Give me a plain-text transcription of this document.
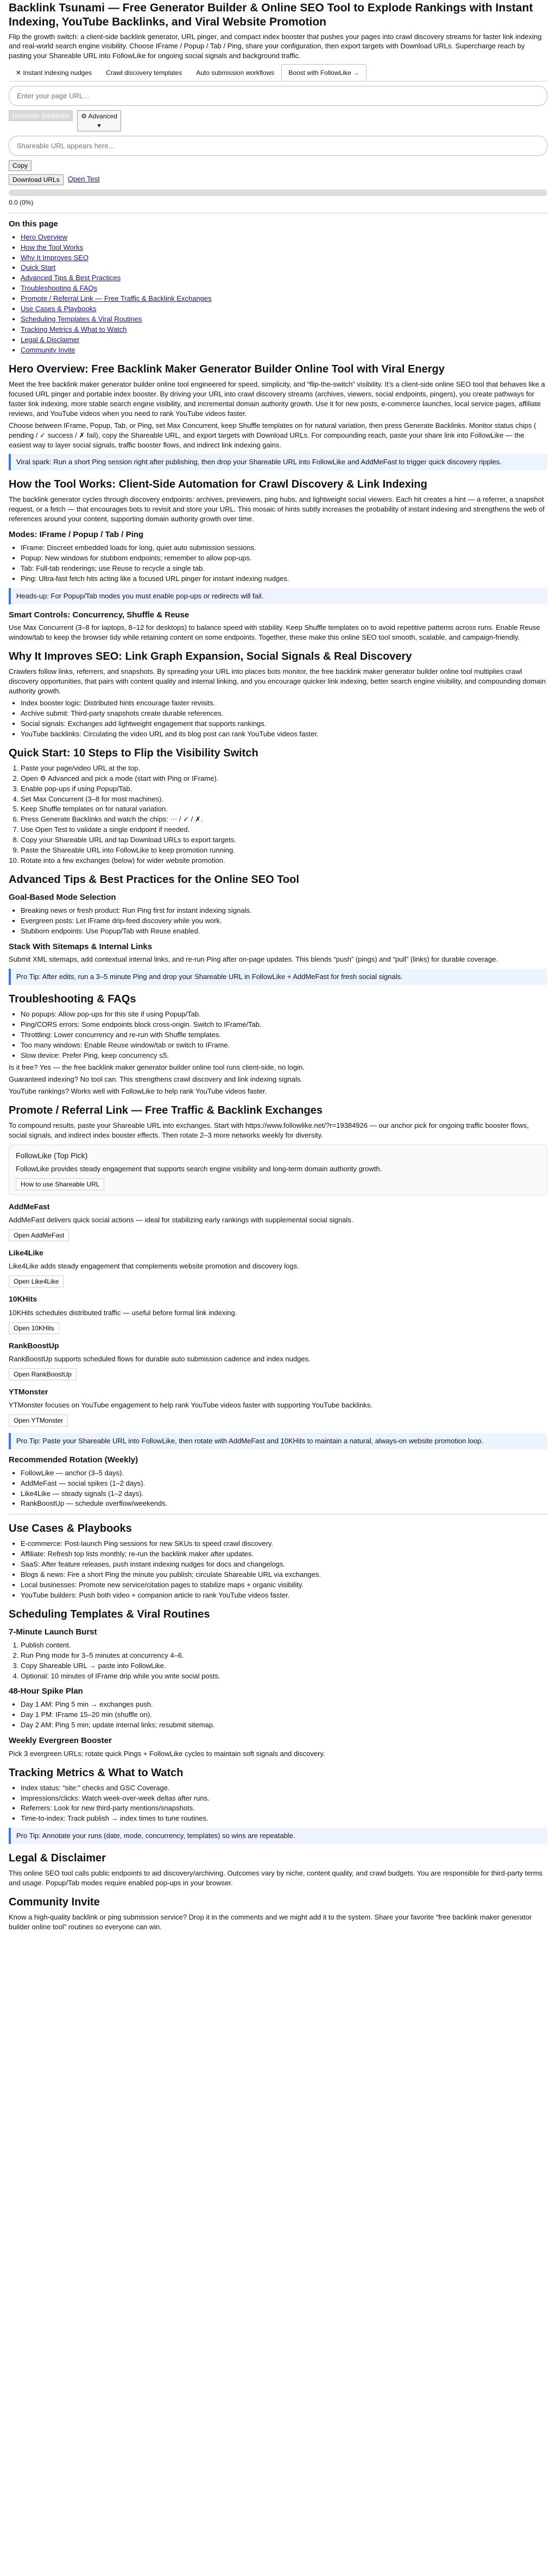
Backlink Tsunami — Free Generator Builder & Online SEO Tool to Explode Rankings with Instant Indexing, YouTube Backlinks, and Viral Website Promotion

Flip the growth switch: a client-side backlink generator, URL pinger, and compact index booster that pushes your pages into crawl discovery streams for faster link indexing and real-world search engine visibility. Choose IFrame / Popup / Tab / Ping, share your configuration, then export targets with Download URLs. Supercharge reach by pasting your Shareable URL into FollowLike for ongoing social signals and background traffic.

✕ Instant indexing nudges	Crawl discovery templates	Auto submission workflows	Boost with FollowLike →
Enter your page URL...
Generate Backlinks	⚙ Advanced
▾
Shareable URL appears here...
Copy
Download URLs	Open Test
0.0 (0%)
On this page
• Hero Overview
• How the Tool Works
• Why It Improves SEO
• Quick Start
• Advanced Tips & Best Practices
• Troubleshooting & FAQs
• Promote / Referral Link — Free Traffic & Backlink Exchanges
• Use Cases & Playbooks
• Scheduling Templates & Viral Routines
• Tracking Metrics & What to Watch
• Legal & Disclaimer
• Community Invite
Hero Overview: Free Backlink Maker Generator Builder Online Tool with Viral Energy

Meet the free backlink maker generator builder online tool engineered for speed, simplicity, and “flip-the-switch” visibility. It’s a client-side online SEO tool that behaves like a focused URL pinger and portable index booster. By driving your URL into crawl discovery streams (archives, viewers, social endpoints, pingers), you create pathways for faster link indexing, more stable search engine visibility, and incremental domain authority growth. Use it for new posts, e-commerce launches, local service pages, affiliate reviews, and YouTube videos when you need to rank YouTube videos faster.

Choose between IFrame, Popup, Tab, or Ping, set Max Concurrent, keep Shuffle templates on for natural variation, then press Generate Backlinks. Monitor status chips ( pending / ✓ success / ✗ fail), copy the Shareable URL, and export targets with Download URLs. For compounding reach, paste your share link into FollowLike — the easiest way to layer social signals, traffic booster flows, and indirect link indexing gains.

Viral spark: Run a short Ping session right after publishing, then drop your Shareable URL into FollowLike and AddMeFast to trigger quick discovery ripples.
How the Tool Works: Client-Side Automation for Crawl Discovery & Link Indexing

The backlink generator cycles through discovery endpoints: archives, previewers, ping hubs, and lightweight social viewers. Each hit creates a hint — a referrer, a snapshot request, or a fetch — that encourages bots to revisit and store your URL. This mosaic of hints subtly increases the probability of instant indexing and strengthens the web of references around your content, supporting domain authority growth over time.

Modes: IFrame / Popup / Tab / Ping
• IFrame: Discreet embedded loads for long, quiet auto submission sessions.
• Popup: New windows for stubborn endpoints; remember to allow pop-ups.
• Tab: Full-tab renderings; use Reuse to recycle a single tab.
• Ping: Ultra-fast fetch hits acting like a focused URL pinger for instant indexing nudges.
Heads-up: For Popup/Tab modes you must enable pop-ups or redirects will fail.
Smart Controls: Concurrency, Shuffle & Reuse

Use Max Concurrent (3–8 for laptops, 8–12 for desktops) to balance speed with stability. Keep Shuffle templates on to avoid repetitive patterns across runs. Enable Reuse window/tab to keep the browser tidy while retaining content on some endpoints. Together, these make this online SEO tool smooth, scalable, and campaign-friendly.

Why It Improves SEO: Link Graph Expansion, Social Signals & Real Discovery

Crawlers follow links, referrers, and snapshots. By spreading your URL into places bots monitor, the free backlink maker generator builder online tool multiplies crawl discovery opportunities, that pairs with content quality and internal linking, and you encourage quicker link indexing, better search engine visibility, and compounding domain authority growth.

• Index booster logic: Distributed hints encourage faster revisits.
• Archive submit: Third-party snapshots create durable references.
• Social signals: Exchanges add lightweight engagement that supports rankings.
• YouTube backlinks: Circulating the video URL and its blog post can rank YouTube videos faster.
Quick Start: 10 Steps to Flip the Visibility Switch
1. Paste your page/video URL at the top.
2. Open ⚙ Advanced and pick a mode (start with Ping or IFrame).
3. Enable pop-ups if using Popup/Tab.
4. Set Max Concurrent (3–8 for most machines).
5. Keep Shuffle templates on for natural variation.
6. Press Generate Backlinks and watch the chips: ⋯ / ✓ / ✗.
7. Use Open Test to validate a single endpoint if needed.
8. Copy your Shareable URL and tap Download URLs to export targets.
9. Paste the Shareable URL into FollowLike to keep promotion running.
10. Rotate into a few exchanges (below) for wider website promotion.
Advanced Tips & Best Practices for the Online SEO Tool
Goal-Based Mode Selection
• Breaking news or fresh product: Run Ping first for instant indexing signals.
• Evergreen posts: Let IFrame drip-feed discovery while you work.
• Stubborn endpoints: Use Popup/Tab with Reuse enabled.
Stack With Sitemaps & Internal Links

Submit XML sitemaps, add contextual internal links, and re-run Ping after on-page updates. This blends “push” (pings) and “pull” (links) for durable coverage.

Pro Tip: After edits, run a 3–5 minute Ping and drop your Shareable URL in FollowLike + AddMeFast for fresh social signals.
Troubleshooting & FAQs
• No popups: Allow pop-ups for this site if using Popup/Tab.
• Ping/CORS errors: Some endpoints block cross-origin. Switch to IFrame/Tab.
• Throttling: Lower concurrency and re-run with Shuffle templates.
• Too many windows: Enable Reuse window/tab or switch to IFrame.
• Slow device: Prefer Ping, keep concurrency ≤5.

Is it free? Yes — the free backlink maker generator builder online tool runs client-side, no login.

Guaranteed indexing? No tool can. This strengthens crawl discovery and link indexing signals.

YouTube rankings? Works well with FollowLike to help rank YouTube videos faster.

Promote / Referral Link — Free Traffic & Backlink Exchanges

To compound results, paste your Shareable URL into exchanges. Start with https://www.followlike.net/?r=19384926 — our anchor pick for ongoing traffic booster flows, social signals, and indirect index booster effects. Then rotate 2–3 more networks weekly for diversity.

FollowLike (Top Pick)

FollowLike provides steady engagement that supports search engine visibility and long-term domain authority growth.

How to use Shareable URL
AddMeFast

AddMeFast delivers quick social actions — ideal for stabilizing early rankings with supplemental social signals.

Open AddMeFast
Like4Like

Like4Like adds steady engagement that complements website promotion and discovery logs.

Open Like4Like
10KHits

10KHits schedules distributed traffic — useful before formal link indexing.

Open 10KHits
RankBoostUp

RankBoostUp supports scheduled flows for durable auto submission cadence and index nudges.

Open RankBoostUp
YTMonster

YTMonster focuses on YouTube engagement to help rank YouTube videos faster with supporting YouTube backlinks.

Open YTMonster
Pro Tip: Paste your Shareable URL into FollowLike, then rotate with AddMeFast and 10KHits to maintain a natural, always-on website promotion loop.
Recommended Rotation (Weekly)
• FollowLike — anchor (3–5 days).
• AddMeFast — social spikes (1–2 days).
• Like4Like — steady signals (1–2 days).
• RankBoostUp — schedule overflow/weekends.
Use Cases & Playbooks
• E-commerce: Post-launch Ping sessions for new SKUs to speed crawl discovery.
• Affiliate: Refresh top lists monthly; re-run the backlink maker after updates.
• SaaS: After feature releases, push instant indexing nudges for docs and changelogs.
• Blogs & news: Fire a short Ping the minute you publish; circulate Shareable URL via exchanges.
• Local businesses: Promote new service/citation pages to stabilize maps + organic visibility.
• YouTube builders: Push both video + companion article to rank YouTube videos faster.
Scheduling Templates & Viral Routines
7-Minute Launch Burst
1. Publish content.
2. Run Ping mode for 3–5 minutes at concurrency 4–6.
3. Copy Shareable URL → paste into FollowLike.
4. Optional: 10 minutes of IFrame drip while you write social posts.
48-Hour Spike Plan
• Day 1 AM: Ping 5 min → exchanges push.
• Day 1 PM: IFrame 15–20 min (shuffle on).
• Day 2 AM: Ping 5 min; update internal links; resubmit sitemap.
Weekly Evergreen Booster

Pick 3 evergreen URLs; rotate quick Pings + FollowLike cycles to maintain soft signals and discovery.

Tracking Metrics & What to Watch
• Index status: “site:” checks and GSC Coverage.
• Impressions/clicks: Watch week-over-week deltas after runs.
• Referrers: Look for new third-party mentions/snapshots.
• Time-to-index: Track publish → index times to tune routines.
Pro Tip: Annotate your runs (date, mode, concurrency, templates) so wins are repeatable.
Legal & Disclaimer

This online SEO tool calls public endpoints to aid discovery/archiving. Outcomes vary by niche, content quality, and crawl budgets. You are responsible for third-party terms and usage. Popup/Tab modes require enabled pop-ups in your browser.

Community Invite

Know a high-quality backlink or ping submission service? Drop it in the comments and we might add it to the system. Share your favorite “free backlink maker generator builder online tool” routines so everyone can win.
